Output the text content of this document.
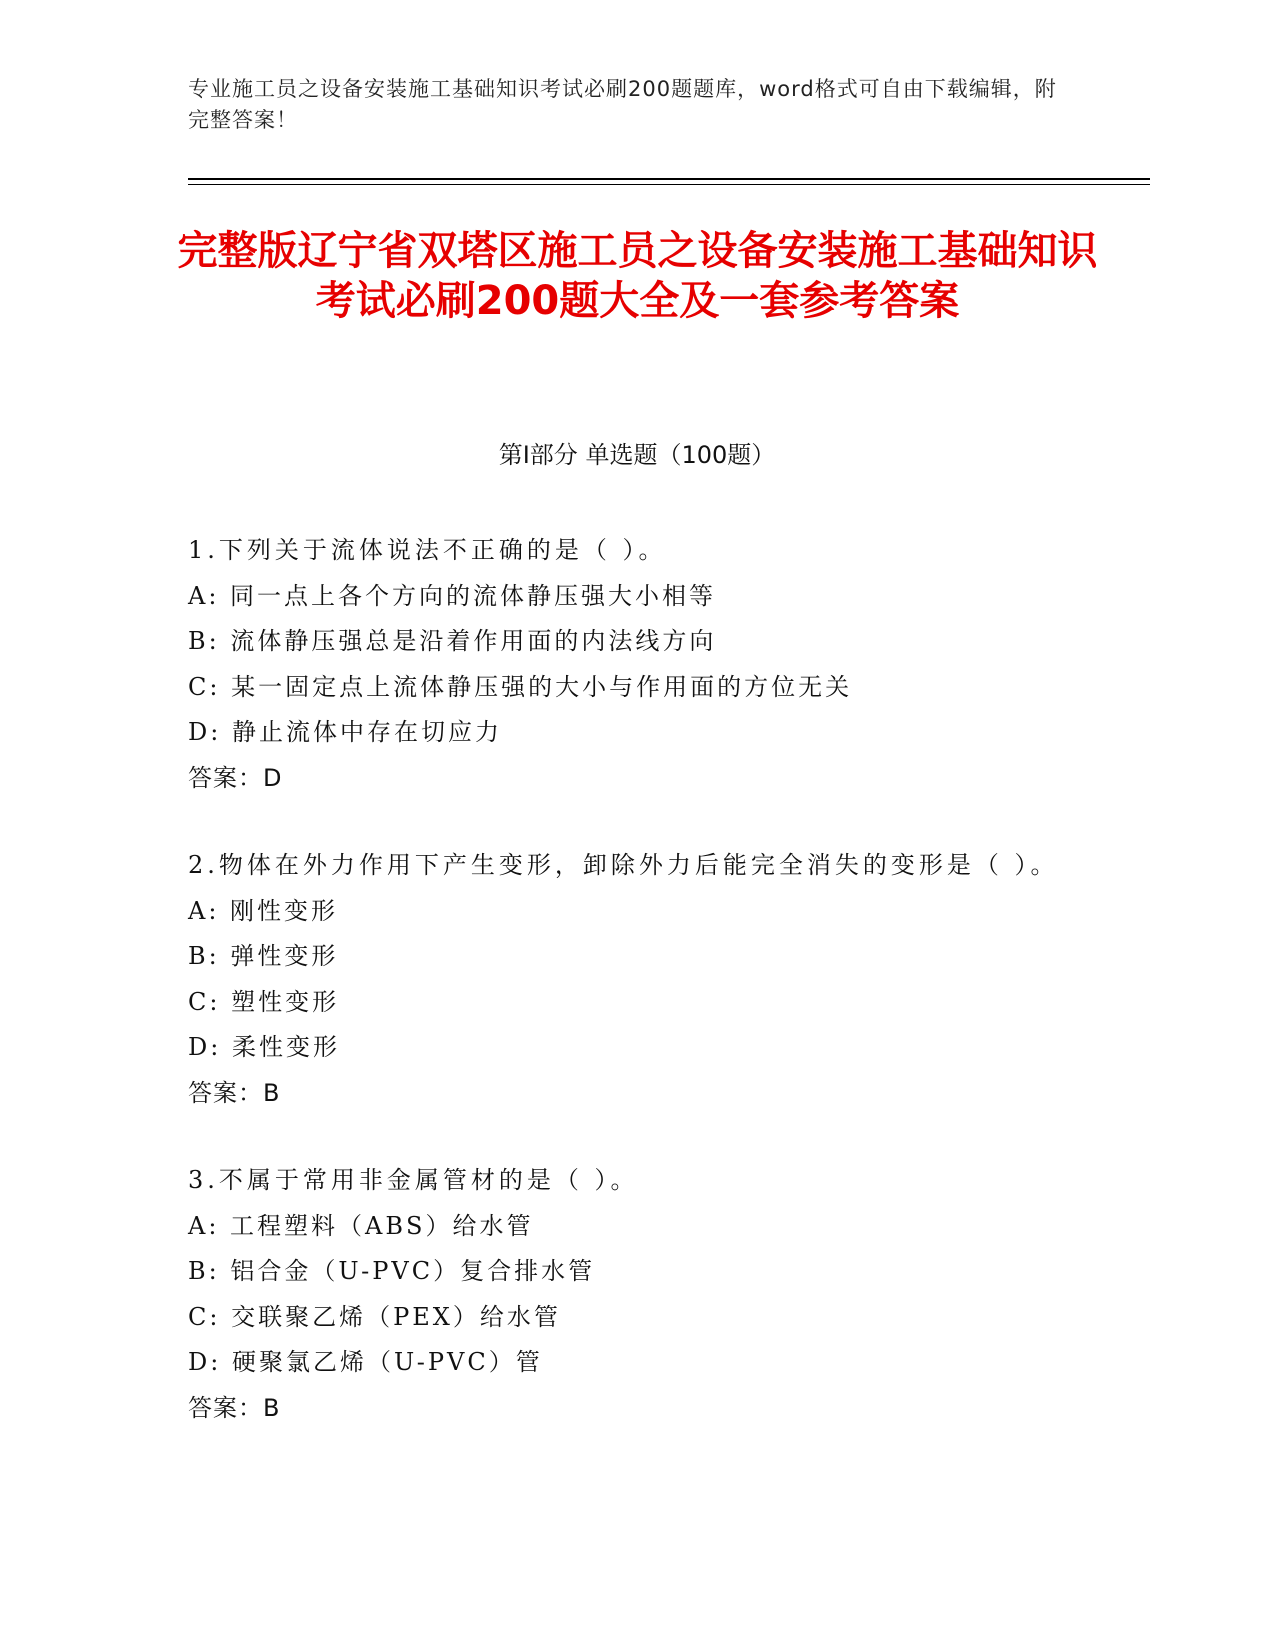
专业施工员之设备安装施工基础知识考试必刷200题题库，word格式可自由下载编辑，附完整答案！
完整版辽宁省双塔区施工员之设备安装施工基础知识考试必刷200题大全及一套参考答案
第I部分 单选题（100题）
1.下列关于流体说法不正确的是（ ）。
A: 同一点上各个方向的流体静压强大小相等
B: 流体静压强总是沿着作用面的内法线方向
C: 某一固定点上流体静压强的大小与作用面的方位无关
D: 静止流体中存在切应力
答案：D
2.物体在外力作用下产生变形，卸除外力后能完全消失的变形是（ ）。
A: 刚性变形
B: 弹性变形
C: 塑性变形
D: 柔性变形
答案：B
3.不属于常用非金属管材的是（ ）。
A: 工程塑料（ABS）给水管
B: 铝合金（U-PVC）复合排水管
C: 交联聚乙烯（PEX）给水管
D: 硬聚氯乙烯（U-PVC）管
答案：B
